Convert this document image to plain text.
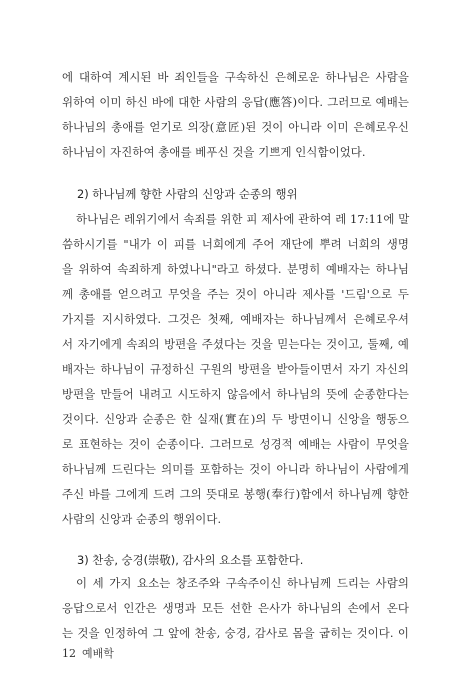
에 대하여 계시된 바 죄인들을 구속하신 은혜로운 하나님은 사람을

위하여 이미 하신 바에 대한 사람의 응답(應答)이다. 그러므로 예배는

하나님의 총애를 얻기로 의장(意匠)된 것이 아니라 이미 은혜로우신

하나님이 자진하여 총애를 베푸신 것을 기쁘게 인식함이었다.

2) 하나님께 향한 사람의 신앙과 순종의 행위

하나님은 레위기에서 속죄를 위한 피 제사에 관하여 레 17:11에 말

씀하시기를 "내가 이 피를 너희에게 주어 재단에 뿌려 너희의 생명

을 위하여 속죄하게 하였나니"라고 하셨다. 분명히 예배자는 하나님

께 총애를 얻으려고 무엇을 주는 것이 아니라 제사를 '드림'으로 두

가지를 지시하였다. 그것은 첫째, 예배자는 하나님께서 은혜로우셔

서 자기에게 속죄의 방편을 주셨다는 것을 믿는다는 것이고, 둘째, 예

배자는 하나님이 규정하신 구원의 방편을 받아들이면서 자기 자신의

방편을 만들어 내려고 시도하지 않음에서 하나님의 뜻에 순종한다는

것이다. 신앙과 순종은 한 실재(實在)의 두 방면이니 신앙을 행동으

로 표현하는 것이 순종이다. 그러므로 성경적 예배는 사람이 무엇을

하나님께 드린다는 의미를 포함하는 것이 아니라 하나님이 사람에게

주신 바를 그에게 드려 그의 뜻대로 봉행(奉行)함에서 하나님께 향한

사람의 신앙과 순종의 행위이다.

3) 찬송, 숭경(崇敬), 감사의 요소를 포함한다.

이 세 가지 요소는 창조주와 구속주이신 하나님께 드리는 사람의

응답으로서 인간은 생명과 모든 선한 은사가 하나님의 손에서 온다

는 것을 인정하여 그 앞에 찬송, 숭경, 감사로 몸을 굽히는 것이다. 이

12 예배학
